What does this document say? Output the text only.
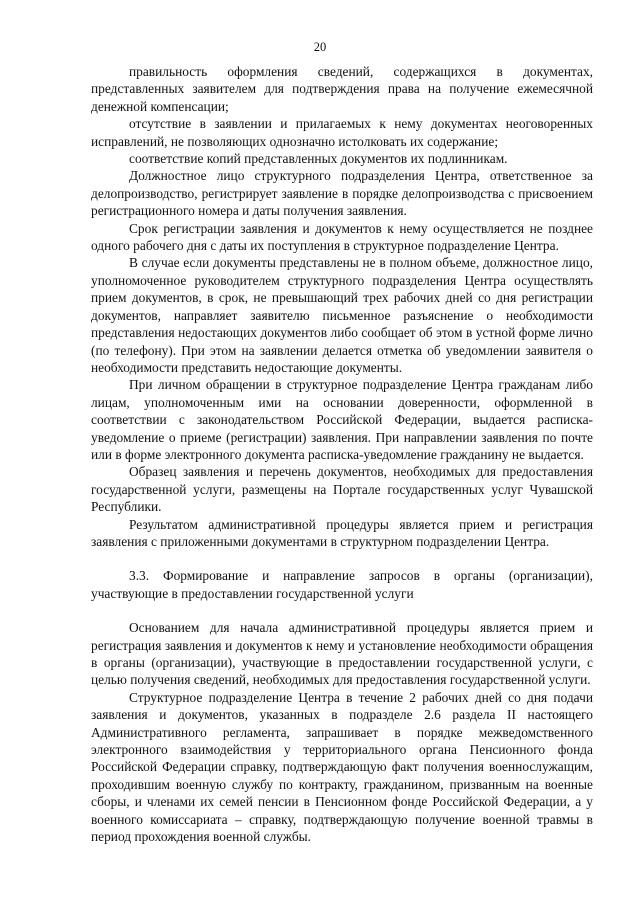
20

правильность оформления сведений, содержащихся в документах, представленных заявителем для подтверждения права на получение ежемесячной денежной компенсации;

отсутствие в заявлении и прилагаемых к нему документах неоговоренных исправлений, не позволяющих однозначно истолковать их содержание;

соответствие копий представленных документов их подлинникам.

Должностное лицо структурного подразделения Центра, ответственное за делопроизводство, регистрирует заявление в порядке делопроизводства с присвоением регистрационного номера и даты получения заявления.

Срок регистрации заявления и документов к нему осуществляется не позднее одного рабочего дня с даты их поступления в структурное подразделение Центра.

В случае если документы представлены не в полном объеме, должностное лицо, уполномоченное руководителем структурного подразделения Центра осуществлять прием документов, в срок, не превышающий трех рабочих дней со дня регистрации документов, направляет заявителю письменное разъяснение о необходимости представления недостающих документов либо сообщает об этом в устной форме лично (по телефону). При этом на заявлении делается отметка об уведомлении заявителя о необходимости представить недостающие документы.

При личном обращении в структурное подразделение Центра гражданам либо лицам, уполномоченным ими на основании доверенности, оформленной в соответствии с законодательством Российской Федерации, выдается расписка-уведомление о приеме (регистрации) заявления. При направлении заявления по почте или в форме электронного документа расписка-уведомление гражданину не выдается.

Образец заявления и перечень документов, необходимых для предоставления государственной услуги, размещены на Портале государственных услуг Чувашской Республики.

Результатом административной процедуры является прием и регистрация заявления с приложенными документами в структурном подразделении Центра.

3.3. Формирование и направление запросов в органы (организации), участвующие в предоставлении государственной услуги

Основанием для начала административной процедуры является прием и регистрация заявления и документов к нему и установление необходимости обращения в органы (организации), участвующие в предоставлении государственной услуги, с целью получения сведений, необходимых для предоставления государственной услуги.

Структурное подразделение Центра в течение 2 рабочих дней со дня подачи заявления и документов, указанных в подразделе 2.6 раздела II настоящего Административного регламента, запрашивает в порядке межведомственного электронного взаимодействия у территориального органа Пенсионного фонда Российской Федерации справку, подтверждающую факт получения военнослужащим, проходившим военную службу по контракту, гражданином, призванным на военные сборы, и членами их семей пенсии в Пенсионном фонде Российской Федерации, а у военного комиссариата – справку, подтверждающую получение военной травмы в период прохождения военной службы.
